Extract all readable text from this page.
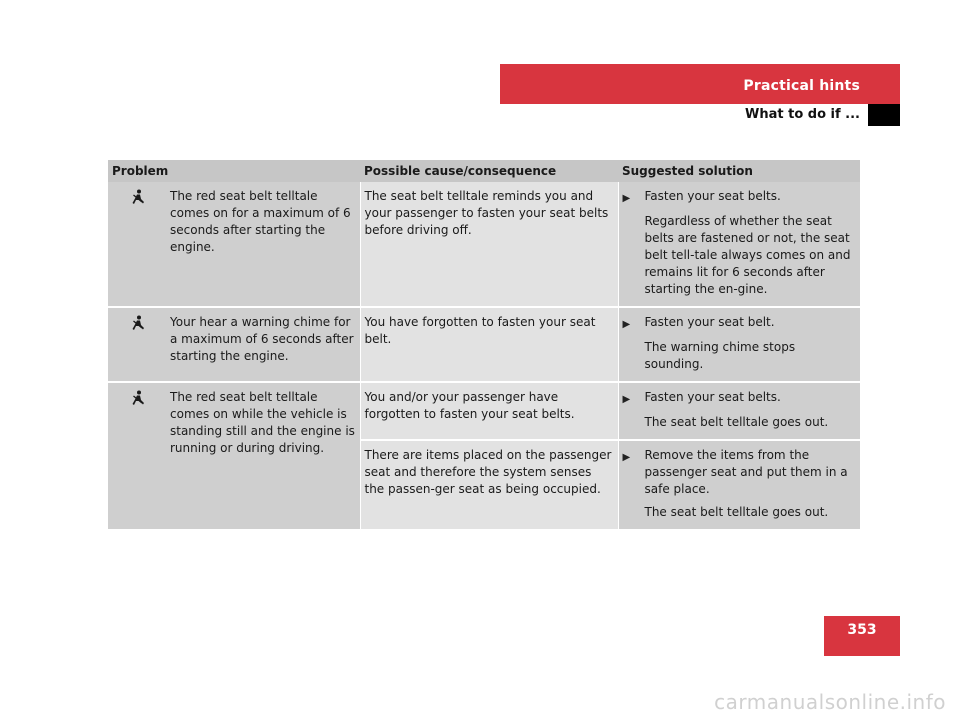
Practical hints
What to do if ...
Problem	Possible cause/consequence	Suggested solution

The red seat belt telltale comes on for a maximum of 6 seconds after starting the engine.	The seat belt telltale reminds you and your passenger to fasten your seat belts before driving off.	▶ Fasten your seat belts.
Regardless of whether the seat belts are fastened or not, the seat belt tell-tale always comes on and remains lit for 6 seconds after starting the en-gine.

Your hear a warning chime for a maximum of 6 seconds after starting the engine.	You have forgotten to fasten your seat belt.	▶ Fasten your seat belt.
The warning chime stops sounding.

The red seat belt telltale comes on while the vehicle is standing still and the engine is running or during driving.	You and/or your passenger have forgotten to fasten your seat belts.	▶ Fasten your seat belts.
The seat belt telltale goes out.

	There are items placed on the passenger seat and therefore the system senses the passen-ger seat as being occupied.	▶ Remove the items from the passenger seat and put them in a safe place.
The seat belt telltale goes out.
353
carmanualsonline.info
